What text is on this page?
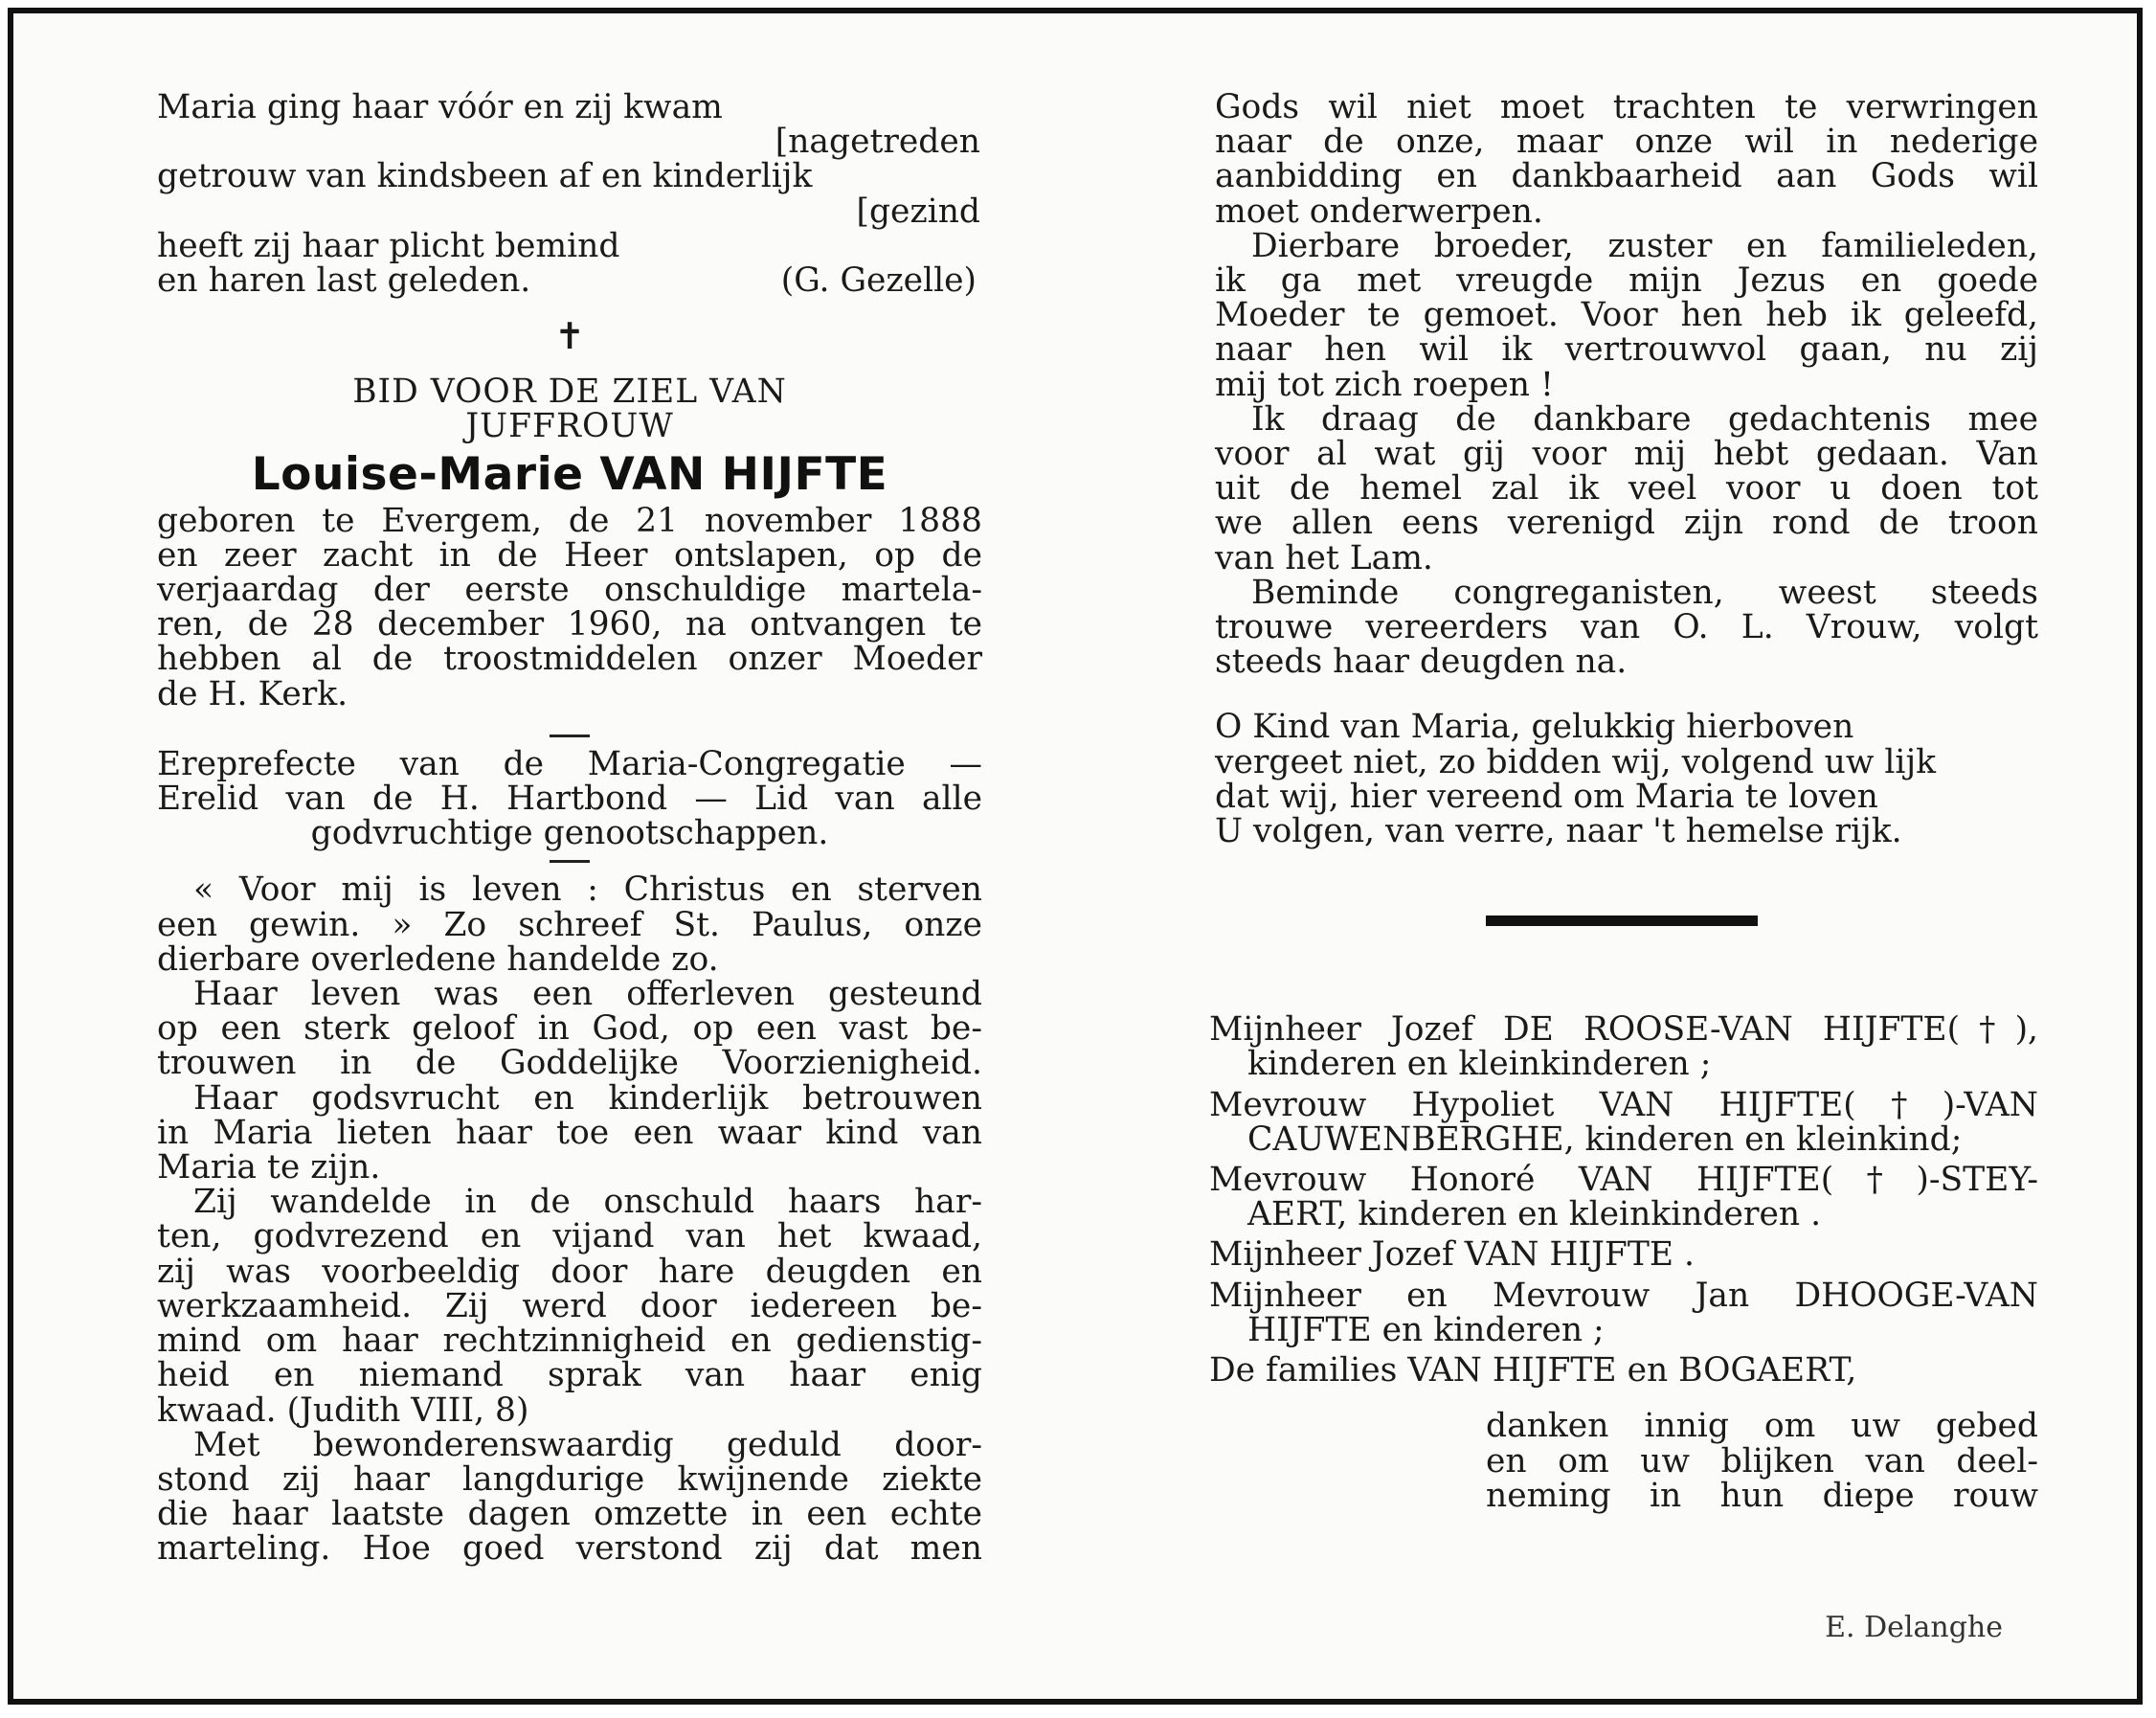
Maria ging haar vóór en zij kwam
[nagetreden
getrouw van kindsbeen af en kinderlijk
[gezind
heeft zij haar plicht bemind
en haren last geleden.	(G. Gezelle)
✝
BID VOOR DE ZIEL VAN
JUFFROUW
Louise-Marie VAN HIJFTE
geboren te Evergem, de 21 november 1888
en zeer zacht in de Heer ontslapen, op de
verjaardag der eerste onschuldige martela-
ren, de 28 december 1960, na ontvangen te
hebben al de troostmiddelen onzer Moeder
de H. Kerk.
Ereprefecte van de Maria-Congregatie —
Erelid van de H. Hartbond — Lid van alle
godvruchtige genootschappen.
« Voor mij is leven : Christus en sterven
een gewin. » Zo schreef St. Paulus, onze
dierbare overledene handelde zo.
Haar leven was een offerleven gesteund
op een sterk geloof in God, op een vast be-
trouwen in de Goddelijke Voorzienigheid.
Haar godsvrucht en kinderlijk betrouwen
in Maria lieten haar toe een waar kind van
Maria te zijn.
Zij wandelde in de onschuld haars har-
ten, godvrezend en vijand van het kwaad,
zij was voorbeeldig door hare deugden en
werkzaamheid. Zij werd door iedereen be-
mind om haar rechtzinnigheid en gedienstig-
heid en niemand sprak van haar enig
kwaad. (Judith VIII, 8)
Met bewonderenswaardig geduld door-
stond zij haar langdurige kwijnende ziekte
die haar laatste dagen omzette in een echte
marteling. Hoe goed verstond zij dat men
Gods wil niet moet trachten te verwringen
naar de onze, maar onze wil in nederige
aanbidding en dankbaarheid aan Gods wil
moet onderwerpen.
Dierbare broeder, zuster en familieleden,
ik ga met vreugde mijn Jezus en goede
Moeder te gemoet. Voor hen heb ik geleefd,
naar hen wil ik vertrouwvol gaan, nu zij
mij tot zich roepen !
Ik draag de dankbare gedachtenis mee
voor al wat gij voor mij hebt gedaan. Van
uit de hemel zal ik veel voor u doen tot
we allen eens verenigd zijn rond de troon
van het Lam.
Beminde congreganisten, weest steeds
trouwe vereerders van O. L. Vrouw, volgt
steeds haar deugden na.
O Kind van Maria, gelukkig hierboven
vergeet niet, zo bidden wij, volgend uw lijk
dat wij, hier vereend om Maria te loven
U volgen, van verre, naar 't hemelse rijk.
Mijnheer Jozef DE ROOSE-VAN HIJFTE(†),
kinderen en kleinkinderen ;
Mevrouw Hypoliet VAN HIJFTE(†)-VAN
CAUWENBERGHE, kinderen en kleinkind;
Mevrouw Honoré VAN HIJFTE(†)-STEY-
AERT, kinderen en kleinkinderen .
Mijnheer Jozef VAN HIJFTE .
Mijnheer en Mevrouw Jan DHOOGE-VAN
HIJFTE en kinderen ;
De families VAN HIJFTE en BOGAERT,
danken innig om uw gebed
en om uw blijken van deel-
neming in hun diepe rouw
E. Delanghe
